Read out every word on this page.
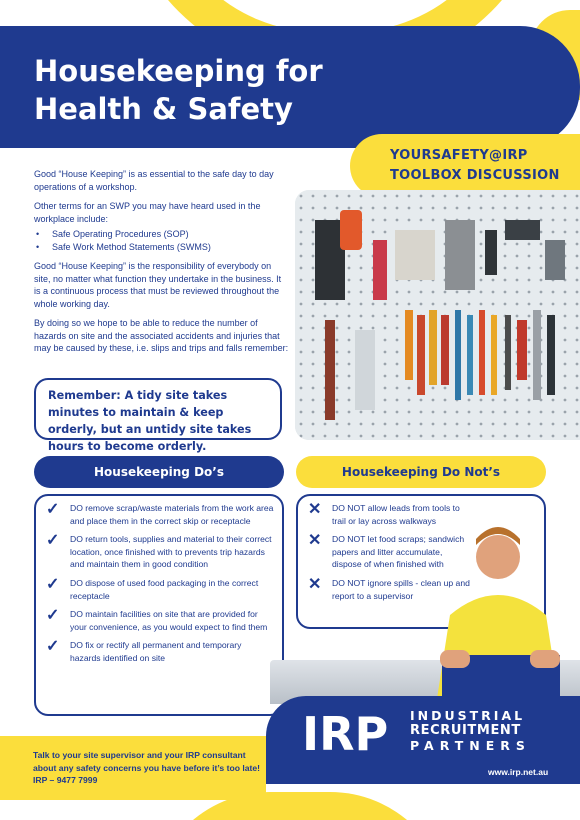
Housekeeping for
Health & Safety
YOURSAFETY@IRP
TOOLBOX DISCUSSION

Good “House Keeping” is as essential to the safe day to day operations of a workshop.

Other terms for an SWP you may have heard used in the workplace include:

• Safe Operating Procedures (SOP)
• Safe Work Method Statements (SWMS)

Good “House Keeping” is the responsibility of everybody on site, no matter what function they undertake in the business. It is a continuous process that must be reviewed throughout the whole working day.

By doing so we hope to be able to reduce the number of hazards on site and the associated accidents and injuries that may be caused by these, i.e. slips and trips and falls remember:

Remember: A tidy site takes minutes to maintain & keep orderly, but an untidy site takes hours to become orderly.
Housekeeping Do’s	Housekeeping Do Not’s
✓	DO remove scrap/waste materials from the work area and place them in the correct skip or receptacle
✓	DO return tools, supplies and material to their correct location, once finished with to prevents trip hazards and maintain them in good condition
✓	DO dispose of used food packaging in the correct receptacle
✓	DO maintain facilities on site that are provided for your convenience, as you would expect to find them
✓	DO fix or rectify all permanent and temporary hazards identified on site
✕	DO NOT allow leads from tools to trail or lay across walkways
✕	DO NOT let food scraps; sandwich papers and litter accumulate, dispose of when finished with
✕	DO NOT ignore spills - clean up and report to a supervisor
IRP INDUSTRIAL
RECRUITMENT
PARTNERS
www.irp.net.au
Talk to your site supervisor and your IRP consultant about any safety concerns you have before it’s too late! IRP – 9477 7999
